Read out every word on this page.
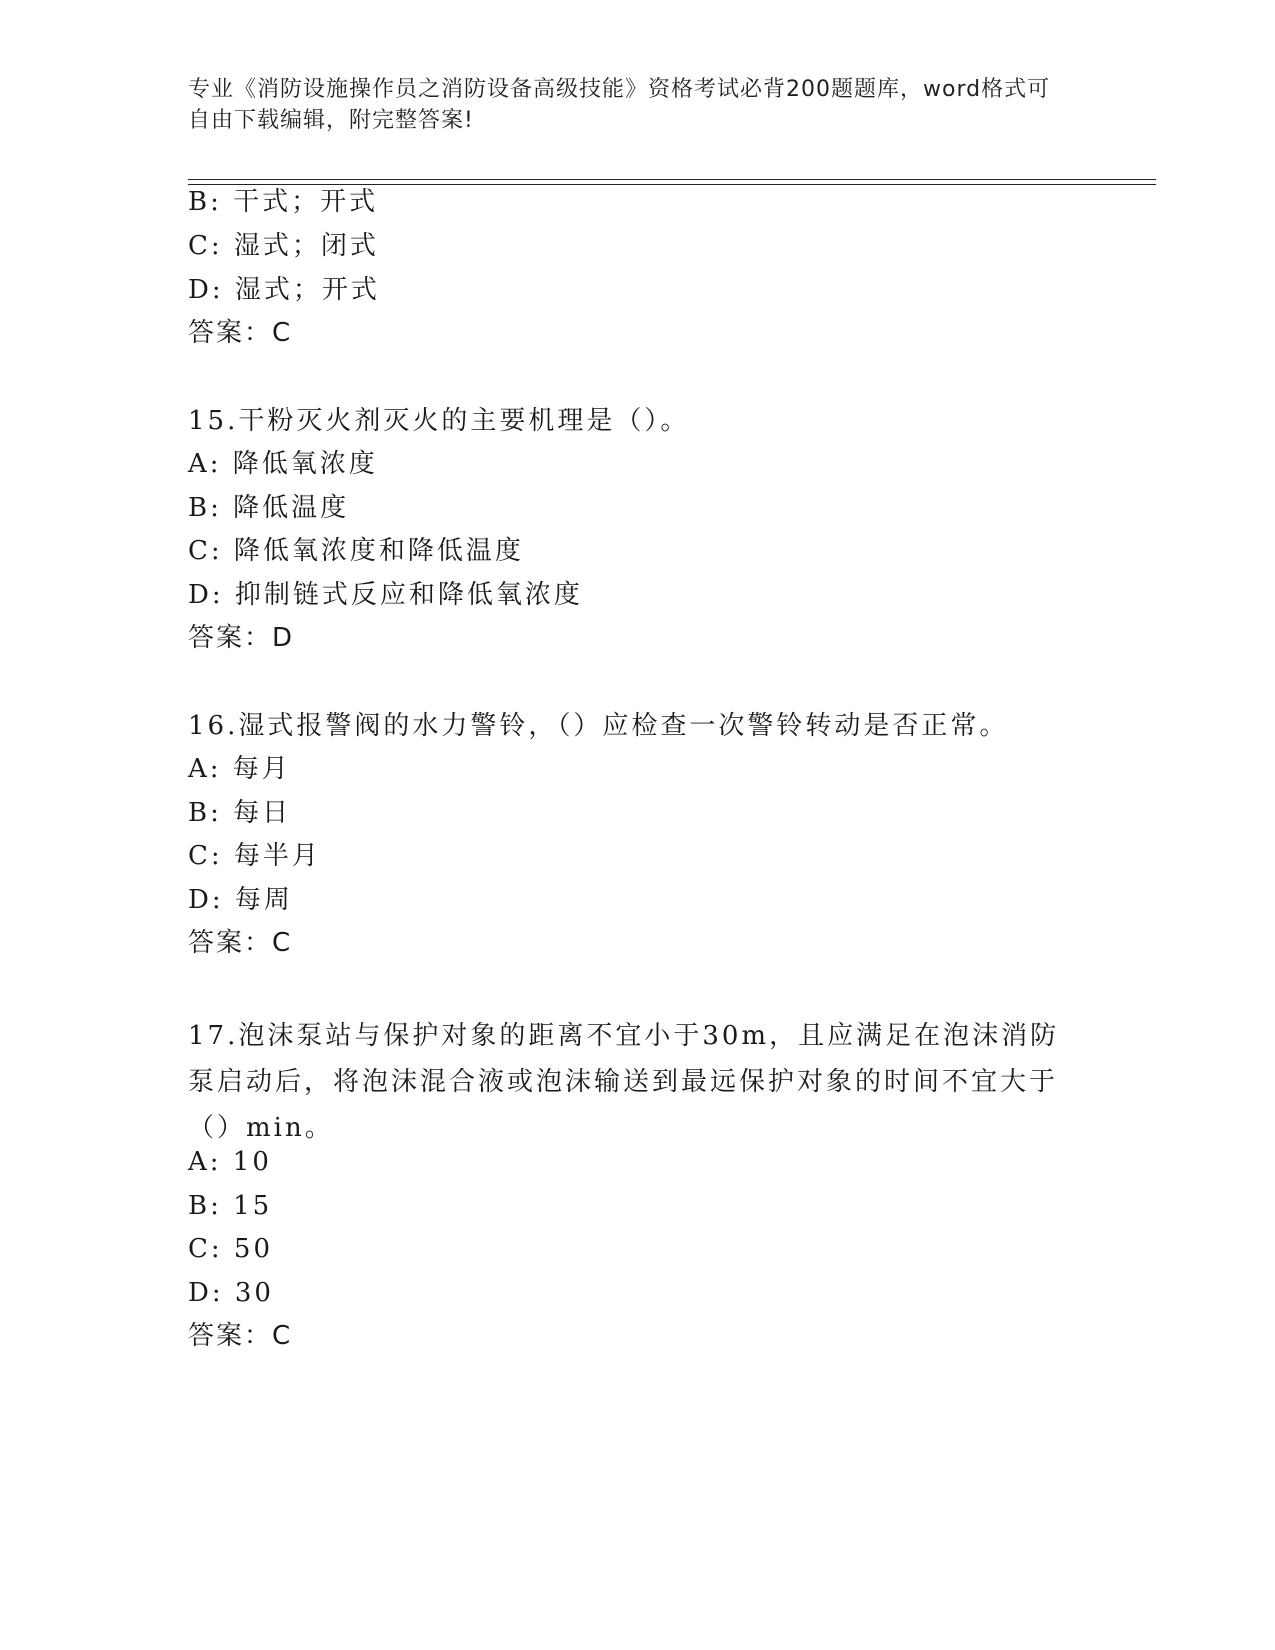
专业《消防设施操作员之消防设备高级技能》资格考试必背200题题库，word格式可自由下载编辑，附完整答案!
B: 干式；开式
C: 湿式；闭式
D: 湿式；开式
答案：C
15.干粉灭火剂灭火的主要机理是（）。
A: 降低氧浓度
B: 降低温度
C: 降低氧浓度和降低温度
D: 抑制链式反应和降低氧浓度
答案：D
16.湿式报警阀的水力警铃，（）应检查一次警铃转动是否正常。
A: 每月
B: 每日
C: 每半月
D: 每周
答案：C
17.泡沫泵站与保护对象的距离不宜小于30m，且应满足在泡沫消防泵启动后，将泡沫混合液或泡沫输送到最远保护对象的时间不宜大于（）min。
A: 10
B: 15
C: 50
D: 30
答案：C
